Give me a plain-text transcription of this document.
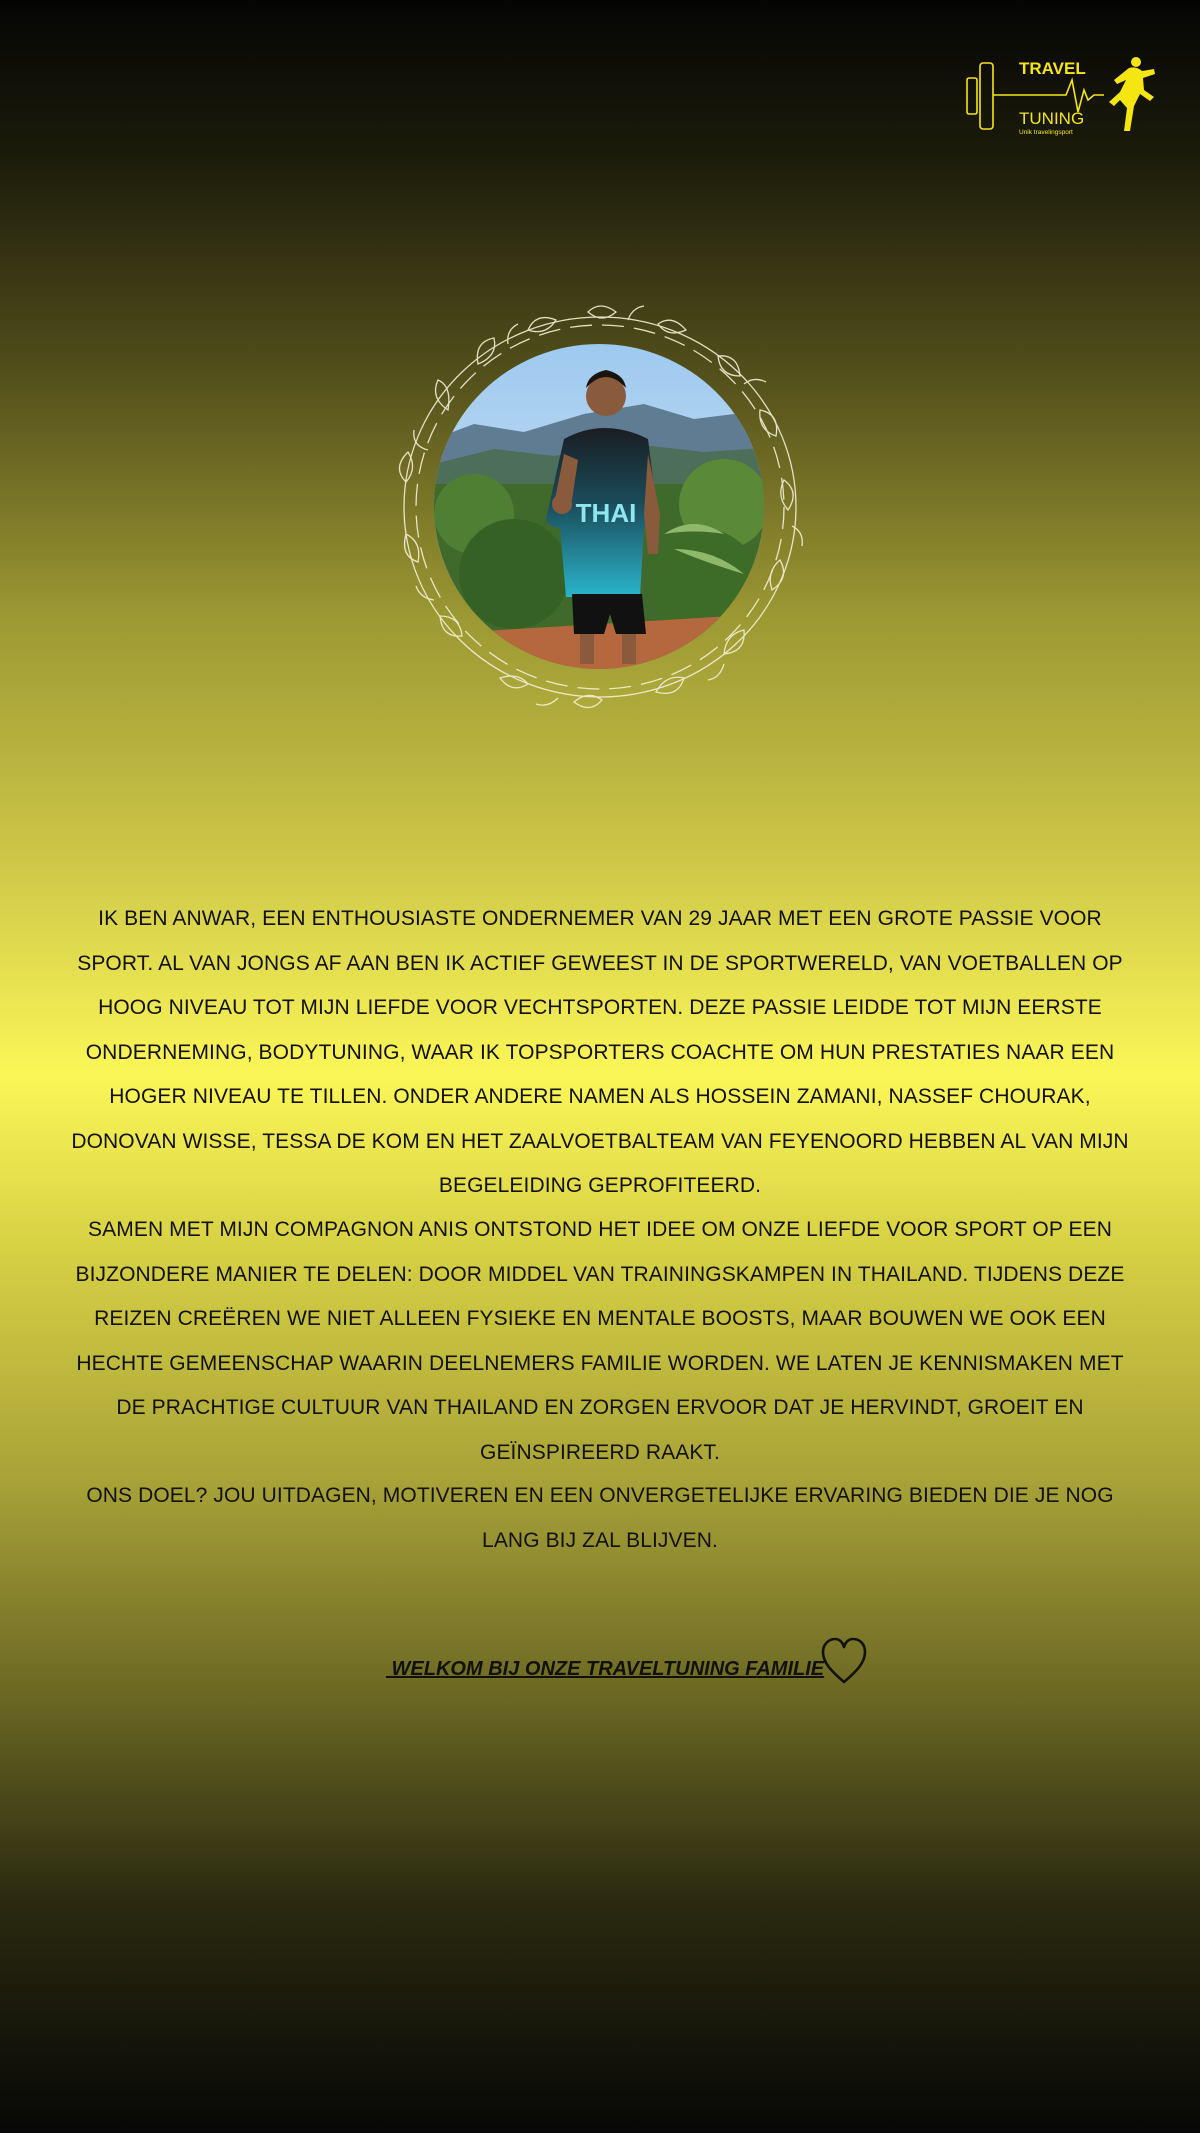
TRAVEL
TUNING
Unik travelingsport
THAI
IK BEN ANWAR, EEN ENTHOUSIASTE ONDERNEMER VAN 29 JAAR MET EEN GROTE PASSIE VOOR SPORT. AL VAN JONGS AF AAN BEN IK ACTIEF GEWEEST IN DE SPORTWERELD, VAN VOETBALLEN OP HOOG NIVEAU TOT MIJN LIEFDE VOOR VECHTSPORTEN. DEZE PASSIE LEIDDE TOT MIJN EERSTE ONDERNEMING, BODYTUNING, WAAR IK TOPSPORTERS COACHTE OM HUN PRESTATIES NAAR EEN HOGER NIVEAU TE TILLEN. ONDER ANDERE NAMEN ALS HOSSEIN ZAMANI, NASSEF CHOURAK, DONOVAN WISSE, TESSA DE KOM EN HET ZAALVOETBALTEAM VAN FEYENOORD HEBBEN AL VAN MIJN BEGELEIDING GEPROFITEERD.
SAMEN MET MIJN COMPAGNON ANIS ONTSTOND HET IDEE OM ONZE LIEFDE VOOR SPORT OP EEN BIJZONDERE MANIER TE DELEN: DOOR MIDDEL VAN TRAININGSKAMPEN IN THAILAND. TIJDENS DEZE REIZEN CREËREN WE NIET ALLEEN FYSIEKE EN MENTALE BOOSTS, MAAR BOUWEN WE OOK EEN HECHTE GEMEENSCHAP WAARIN DEELNEMERS FAMILIE WORDEN. WE LATEN JE KENNISMAKEN MET DE PRACHTIGE CULTUUR VAN THAILAND EN ZORGEN ERVOOR DAT JE HERVINDT, GROEIT EN GEÏNSPIREERD RAAKT.
ONS DOEL? JOU UITDAGEN, MOTIVEREN EN EEN ONVERGETELIJKE ERVARING BIEDEN DIE JE NOG LANG BIJ ZAL BLIJVEN.
WELKOM BIJ ONZE TRAVELTUNING FAMILIE
